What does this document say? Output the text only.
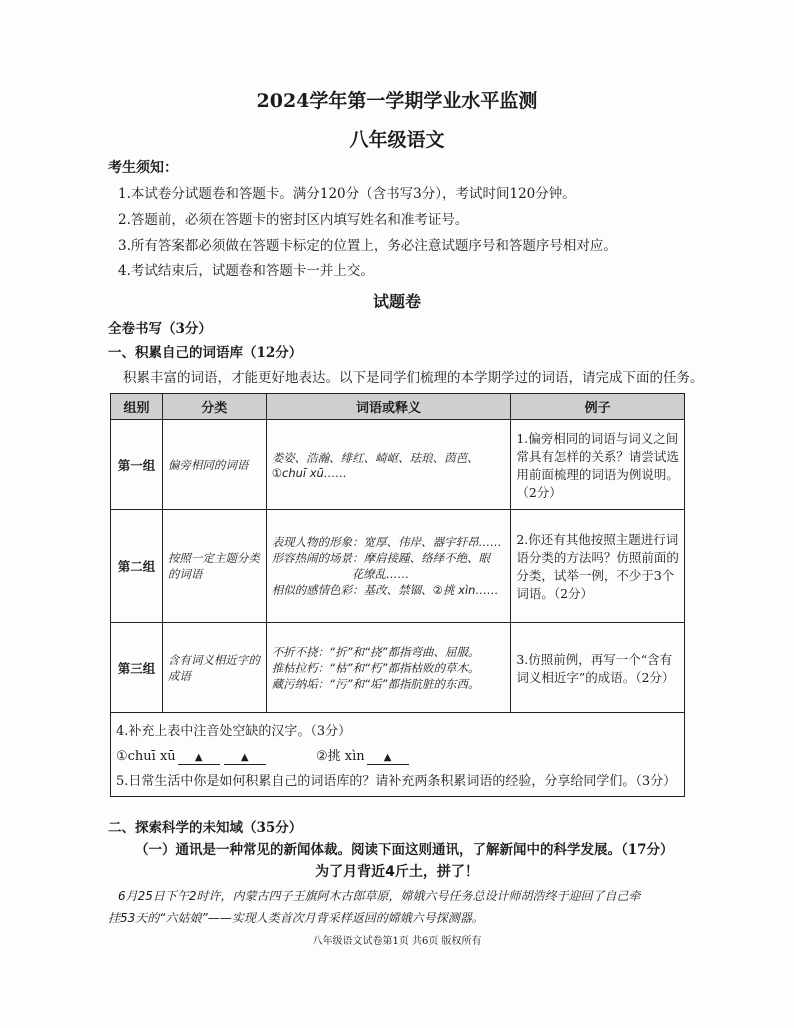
2024学年第一学期学业水平监测
八年级语文
考生须知：
1.本试卷分试题卷和答题卡。满分120分（含书写3分），考试时间120分钟。
2.答题前，必须在答题卡的密封区内填写姓名和准考证号。
3.所有答案都必须做在答题卡标定的位置上，务必注意试题序号和答题序号相对应。
4.考试结束后，试题卷和答题卡一并上交。
试题卷
全卷书写（3分）
一、积累自己的词语库（12分）
积累丰富的词语，才能更好地表达。以下是同学们梳理的本学期学过的词语，请完成下面的任务。
组别	分类	词语或释义	例子
第一组	偏旁相同的词语	娄姿、浩瀚、绯红、崎岖、珐琅、茵芭、
①chuī xū……	1.偏旁相同的词语与词义之间常具有怎样的关系？请尝试选用前面梳理的词语为例说明。（2分）
第二组	按照一定主题分类的词语	表现人物的形象：宽厚、伟岸、器宇轩昂……
形容热闹的场景：摩肩接踵、络绎不绝、眼
花缭乱……
相似的感情色彩：基改、禁锢、②挑 xìn……	2.你还有其他按照主题进行词语分类的方法吗？仿照前面的分类，试举一例，不少于3个词语。（2分）
第三组	含有词义相近字的成语	不折不挠：“折”和“挠”都指弯曲、屈服。
推枯拉朽：“枯”和“朽”都指枯败的草木。
藏污纳垢：“污”和“垢”都指肮脏的东西。	3.仿照前例，再写一个“含有词义相近字”的成语。（2分）
4.补充上表中注音处空缺的汉字。（3分）
①chuī xū ▲	▲	②挑 xìn ▲
5.日常生活中你是如何积累自己的词语库的？请补充两条积累词语的经验，分享给同学们。（3分）
二、探索科学的未知域（35分）
（一）通讯是一种常见的新闻体裁。阅读下面这则通讯，了解新闻中的科学发展。（17分）
为了月背近4斤土，拼了！
6月25日下午2时许，内蒙古四子王旗阿木古郎草原，嫦娥六号任务总设计师胡浩终于迎回了自己牵
挂53天的“六姑娘”——实现人类首次月背采样返回的嫦娥六号探测器。
八年级语文试卷第1页 共6页 版权所有
